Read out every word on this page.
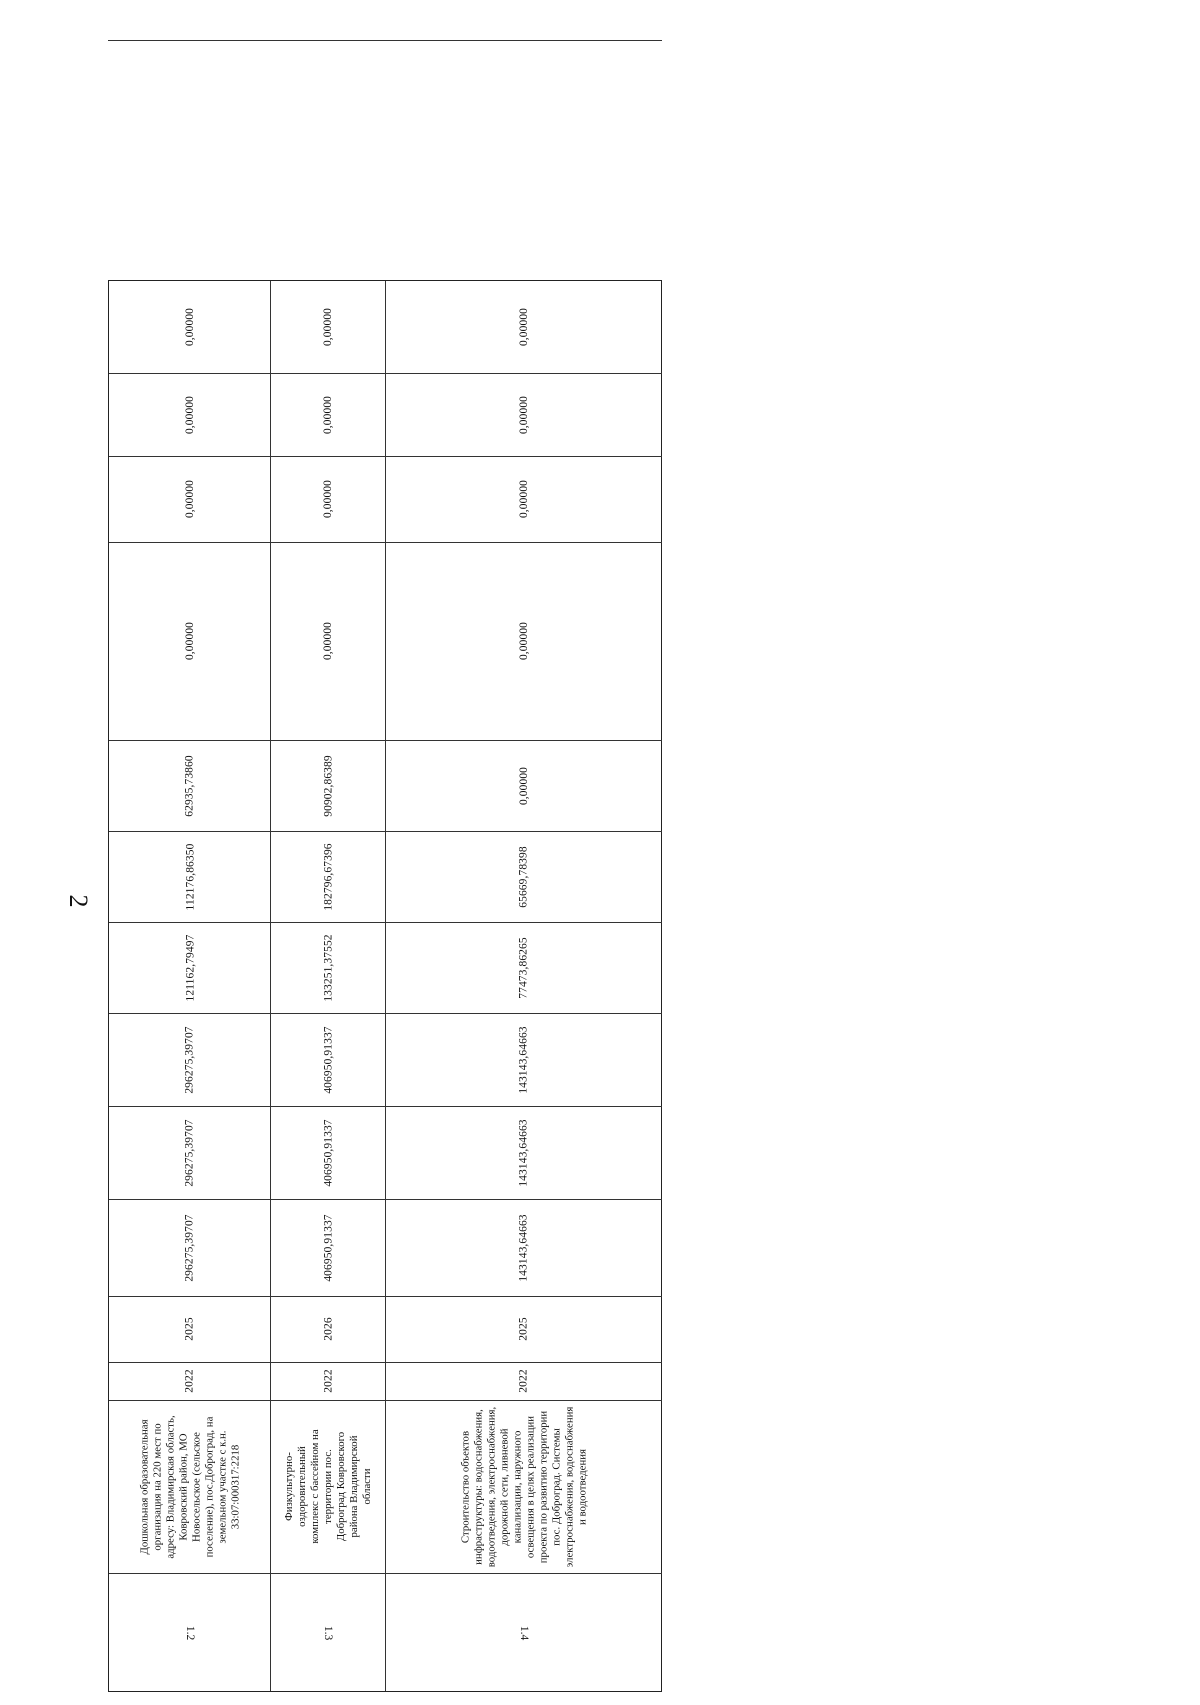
2
0,00000
0,00000
0,00000
0,00000
62935,73860
112176,86350
121162,79497
296275,39707
296275,39707
296275,39707
2025
2022
Дошкольная образовательная организация на 220 мест по адресу: Владимирская область, Ковровский район, МО Новосельское (сельское поселение), пос.Доброград, на земельном участке с к.н. 33:07:000317:2218
1.2
0,00000
0,00000
0,00000
0,00000
90902,86389
182796,67396
133251,37552
406950,91337
406950,91337
406950,91337
2026
2022
Физкультурно-оздоровительный комплекс с бассейном на территории пос. Доброград Ковровского района Владимирской области
1.3
0,00000
0,00000
0,00000
0,00000
0,00000
65669,78398
77473,86265
143143,64663
143143,64663
143143,64663
2025
2022
Строительство объектов инфраструктуры: водоснабжения, водоотведения, электроснабжения, дорожной сети, ливневой канализации, наружного освещения в целях реализации проекта по развитию территории пос. Доброград. Системы электроснабжения, водоснабжения и водоотведения
1.4
